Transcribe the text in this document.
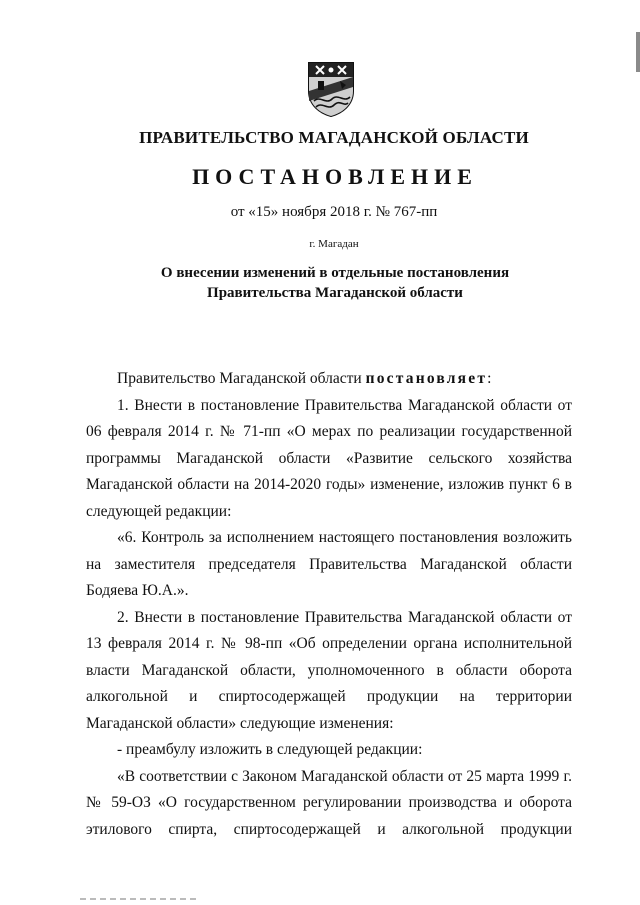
ПРАВИТЕЛЬСТВО МАГАДАНСКОЙ ОБЛАСТИ
ПОСТАНОВЛЕНИЕ
от «15» ноября 2018 г. № 767-пп
г. Магадан
О внесении изменений в отдельные постановления
Правительства Магаданской области

Правительство Магаданской области постановляет:

1. Внести в постановление Правительства Магаданской области от 06 февраля 2014 г. № 71-пп «О мерах по реализации государственной программы Магаданской области «Развитие сельского хозяйства Магаданской области на 2014-2020 годы» изменение, изложив пункт 6 в следующей редакции:

«6. Контроль за исполнением настоящего постановления возложить на заместителя председателя Правительства Магаданской области Бодяева Ю.А.».

2. Внести в постановление Правительства Магаданской области от 13 февраля 2014 г. № 98-пп «Об определении органа исполнительной власти Магаданской области, уполномоченного в области оборота алкогольной и спиртосодержащей продукции на территории Магаданской области» следующие изменения:

- преамбулу изложить в следующей редакции:

«В соответствии с Законом Магаданской области от 25 марта 1999 г. № 59-ОЗ «О государственном регулировании производства и оборота этилового спирта, спиртосодержащей и алкогольной продукции
